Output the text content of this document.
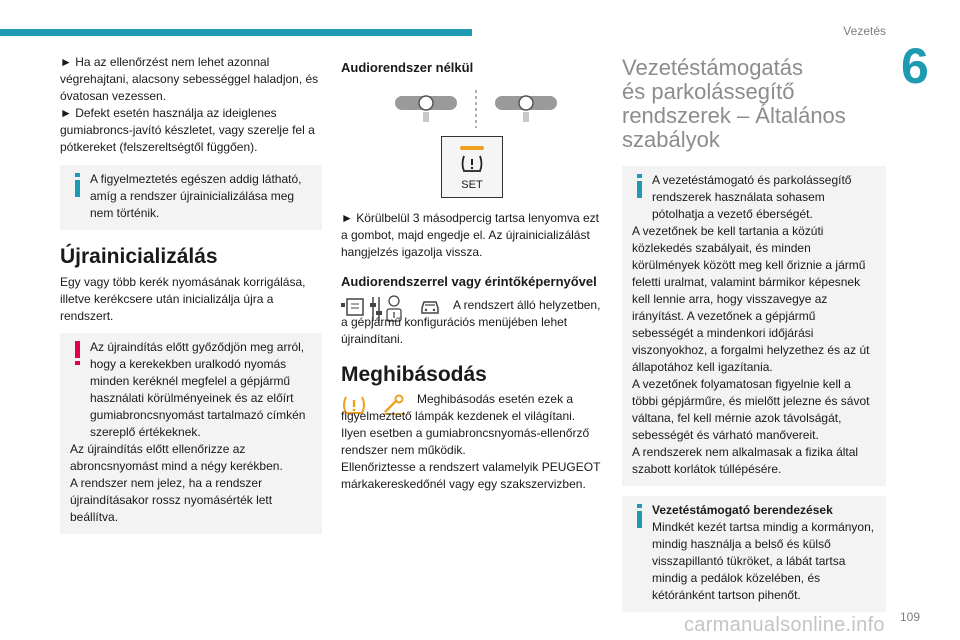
Vezetés
6

► Ha az ellenőrzést nem lehet azonnal végrehajtani, alacsony sebességgel haladjon, és óvatosan vezessen.

► Defekt esetén használja az ideiglenes gumiabroncs-javító készletet, vagy szerelje fel a pótkereket (felszereltségtől függően).

A figyelmeztetés egészen addig látható, amíg a rendszer újrainicializálása meg nem történik.

Újrainicializálás

Egy vagy több kerék nyomásának korrigálása, illetve kerékcsere után inicializálja újra a rendszert.

Az újraindítás előtt győződjön meg arról, hogy a kerekekben uralkodó nyomás minden keréknél megfelel a gépjármű használati körülményeinek és az előírt gumiabroncsnyomást tartalmazó címkén szereplő értékeknek.

Az újraindítás előtt ellenőrizze az abroncsnyomást mind a négy kerékben.

A rendszer nem jelez, ha a rendszer újraindításakor rossz nyomásérték lett beállítva.

Audiorendszer nélkül
SET

► Körülbelül 3 másodpercig tartsa lenyomva ezt a gombot, majd engedje el. Az újrainicializálást hangjelzés igazolja vissza.

Audiorendszerrel vagy érintőképernyővel

A rendszert álló helyzetben, a gépjármű konfigurációs menüjében lehet újraindítani.

Meghibásodás

Meghibásodás esetén ezek a figyelmeztető lámpák kezdenek el világítani.

Ilyen esetben a gumiabroncsnyomás-ellenőrző rendszer nem működik.

Ellenőriztesse a rendszert valamelyik PEUGEOT márkakereskedőnél vagy egy szakszervizben.

Vezetéstámogatás
és parkolássegítő
rendszerek – Általános
szabályok

A vezetéstámogató és parkolássegítő rendszerek használata sohasem pótolhatja a vezető éberségét.

A vezetőnek be kell tartania a közúti közlekedés szabályait, és minden körülmények között meg kell őriznie a jármű feletti uralmat, valamint bármikor képesnek kell lennie arra, hogy visszavegye az irányítást. A vezetőnek a gépjármű sebességét a mindenkori időjárási viszonyokhoz, a forgalmi helyzethez és az út állapotához kell igazítania.

A vezetőnek folyamatosan figyelnie kell a többi gépjárműre, és mielőtt jelezne és sávot váltana, fel kell mérnie azok távolságát, sebességét és várható manővereit.

A rendszerek nem alkalmasak a fizika által szabott korlátok túllépésére.

Vezetéstámogató berendezések

Mindkét kezét tartsa mindig a kormányon, mindig használja a belső és külső visszapillantó tükröket, a lábát tartsa mindig a pedálok közelében, és kétóránként tartson pihenőt.

carmanualsonline.info 109
